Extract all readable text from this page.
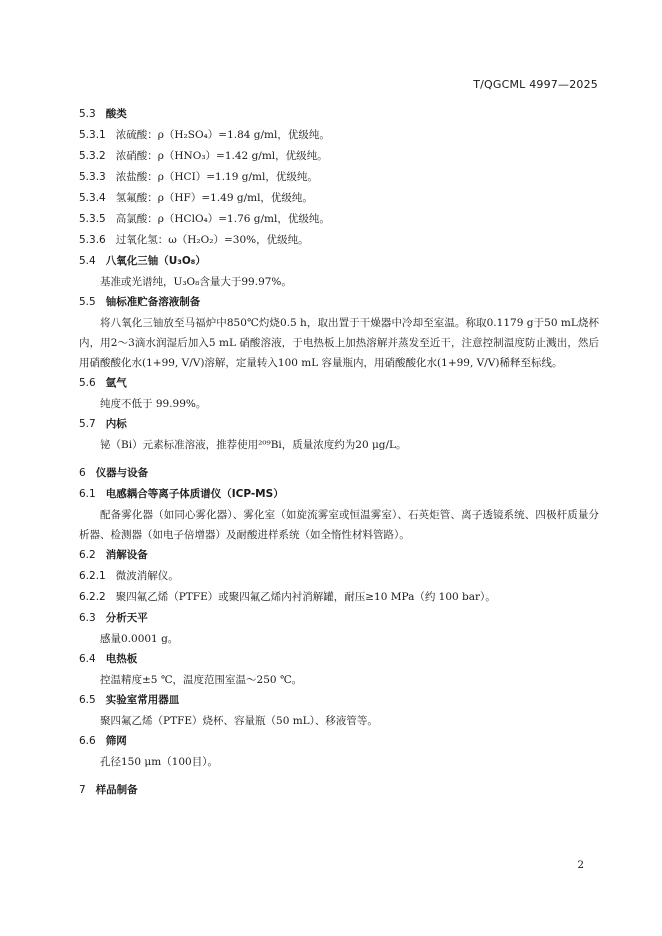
T/QGCML 4997—2025
5.3 酸类
5.3.1 浓硫酸：ρ（H₂SO₄）=1.84 g/ml，优级纯。
5.3.2 浓硝酸：ρ（HNO₃）=1.42 g/ml，优级纯。
5.3.3 浓盐酸：ρ（HCI）=1.19 g/ml，优级纯。
5.3.4 氢氟酸：ρ（HF）=1.49 g/ml，优级纯。
5.3.5 高氯酸：ρ（HClO₄）=1.76 g/ml，优级纯。
5.3.6 过氧化氢：ω（H₂O₂）=30%，优级纯。
5.4 八氧化三铀（U₃O₈）

基准或光谱纯，U₃O₈含量大于99.97%。

5.5 铀标准贮备溶液制备

将八氧化三铀放至马福炉中850℃灼烧0.5 h，取出置于干燥器中冷却至室温。称取0.1179 g于50 mL烧杯内，用2～3滴水润湿后加入5 mL 硝酸溶液，于电热板上加热溶解并蒸发至近干，注意控制温度防止溅出，然后用硝酸酸化水(1+99, V/V)溶解，定量转入100 mL 容量瓶内，用硝酸酸化水(1+99, V/V)稀释至标线。

5.6 氩气

纯度不低于 99.99%。

5.7 内标

铋（Bi）元素标准溶液，推荐使用²⁰⁹Bi，质量浓度约为20 μg/L。

6 仪器与设备
6.1 电感耦合等离子体质谱仪（ICP-MS）

配备雾化器（如同心雾化器）、雾化室（如旋流雾室或恒温雾室）、石英炬管、离子透镜系统、四极杆质量分析器、检测器（如电子倍增器）及耐酸进样系统（如全惰性材料管路）。

6.2 消解设备
6.2.1 微波消解仪。
6.2.2 聚四氟乙烯（PTFE）或聚四氟乙烯内衬消解罐，耐压≥10 MPa（约 100 bar）。
6.3 分析天平

感量0.0001 g。

6.4 电热板

控温精度±5 ℃，温度范围室温～250 ℃。

6.5 实验室常用器皿

聚四氟乙烯（PTFE）烧杯、容量瓶（50 mL）、移液管等。

6.6 筛网

孔径150 μm（100目）。

7 样品制备
2
